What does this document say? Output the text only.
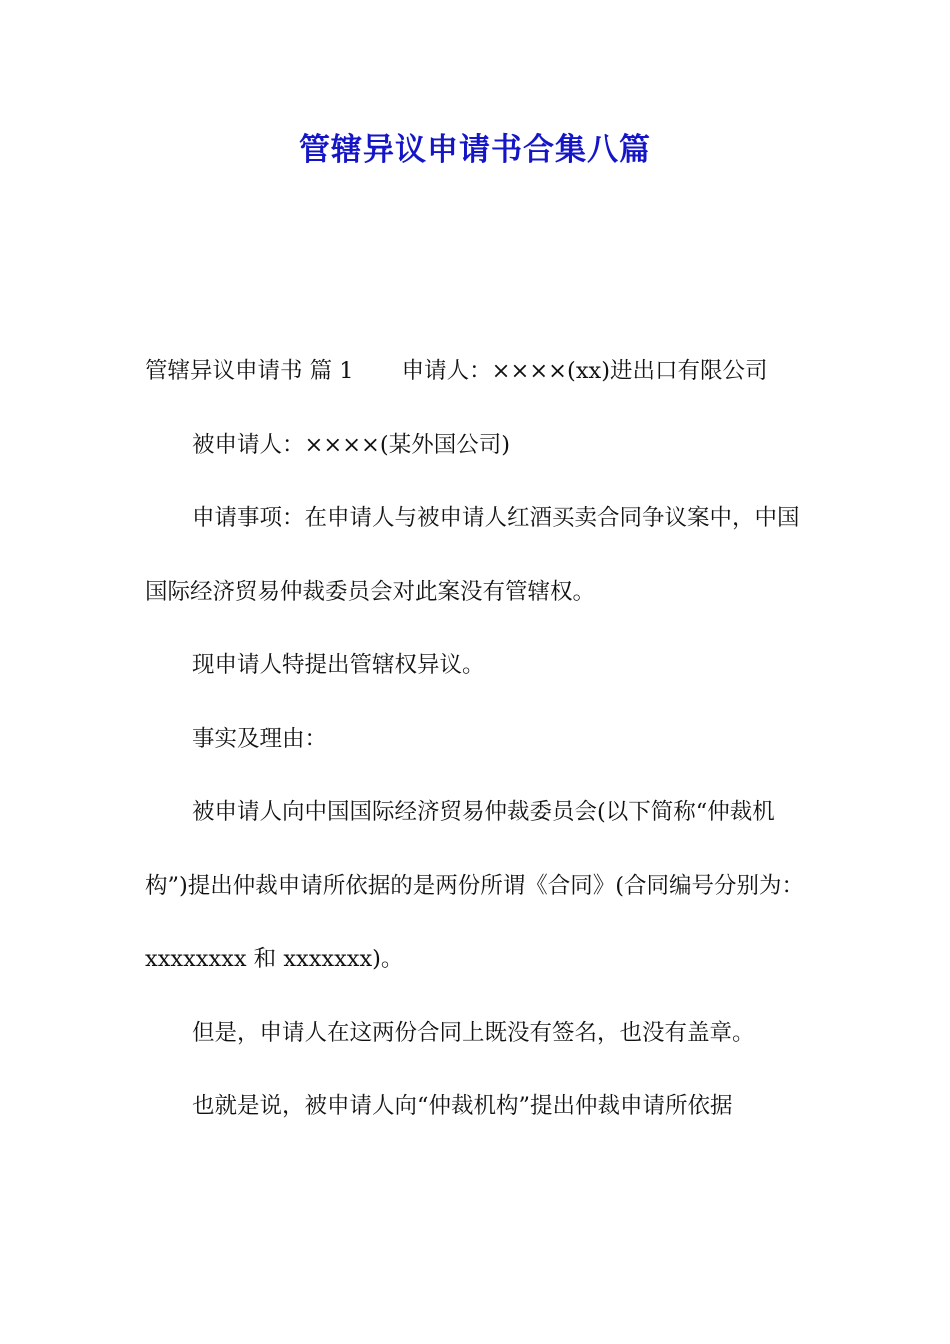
管辖异议申请书合集八篇

管辖异议申请书 篇 1 申请人：××××(xx)进出口有限公司

被申请人：××××(某外国公司)

申请事项：在申请人与被申请人红酒买卖合同争议案中，中国国际经济贸易仲裁委员会对此案没有管辖权。

现申请人特提出管辖权异议。

事实及理由：

被申请人向中国国际经济贸易仲裁委员会(以下简称“仲裁机构”)提出仲裁申请所依据的是两份所谓《合同》(合同编号分别为：xxxxxxxx 和 xxxxxxx)。

但是，申请人在这两份合同上既没有签名，也没有盖章。

也就是说，被申请人向“仲裁机构”提出仲裁申请所依据
